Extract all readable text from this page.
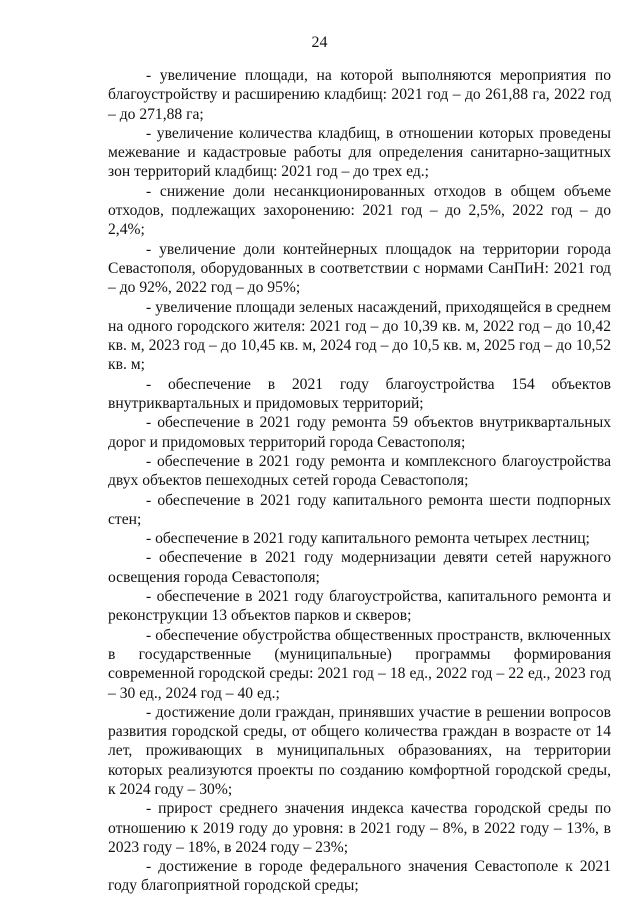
24

- увеличение площади, на которой выполняются мероприятия по благоустройству и расширению кладбищ: 2021 год – до 261,88 га, 2022 год – до 271,88 га;

- увеличение количества кладбищ, в отношении которых проведены межевание и кадастровые работы для определения санитарно-защитных зон территорий кладбищ: 2021 год – до трех ед.;

- снижение доли несанкционированных отходов в общем объеме отходов, подлежащих захоронению: 2021 год – до 2,5%, 2022 год – до 2,4%;

- увеличение доли контейнерных площадок на территории города Севастополя, оборудованных в соответствии с нормами СанПиН: 2021 год – до 92%, 2022 год – до 95%;

- увеличение площади зеленых насаждений, приходящейся в среднем на одного городского жителя: 2021 год – до 10,39 кв. м, 2022 год – до 10,42 кв. м, 2023 год – до 10,45 кв. м, 2024 год – до 10,5 кв. м, 2025 год – до 10,52 кв. м;

- обеспечение в 2021 году благоустройства 154 объектов внутриквартальных и придомовых территорий;

- обеспечение в 2021 году ремонта 59 объектов внутриквартальных дорог и придомовых территорий города Севастополя;

- обеспечение в 2021 году ремонта и комплексного благоустройства двух объектов пешеходных сетей города Севастополя;

- обеспечение в 2021 году капитального ремонта шести подпорных стен;

- обеспечение в 2021 году капитального ремонта четырех лестниц;

- обеспечение в 2021 году модернизации девяти сетей наружного освещения города Севастополя;

- обеспечение в 2021 году благоустройства, капитального ремонта и реконструкции 13 объектов парков и скверов;

- обеспечение обустройства общественных пространств, включенных в государственные (муниципальные) программы формирования современной городской среды: 2021 год – 18 ед., 2022 год – 22 ед., 2023 год – 30 ед., 2024 год – 40 ед.;

- достижение доли граждан, принявших участие в решении вопросов развития городской среды, от общего количества граждан в возрасте от 14 лет, проживающих в муниципальных образованиях, на территории которых реализуются проекты по созданию комфортной городской среды, к 2024 году – 30%;

- прирост среднего значения индекса качества городской среды по отношению к 2019 году до уровня: в 2021 году – 8%, в 2022 году – 13%, в 2023 году – 18%, в 2024 году – 23%;

- достижение в городе федерального значения Севастополе к 2021 году благоприятной городской среды;
